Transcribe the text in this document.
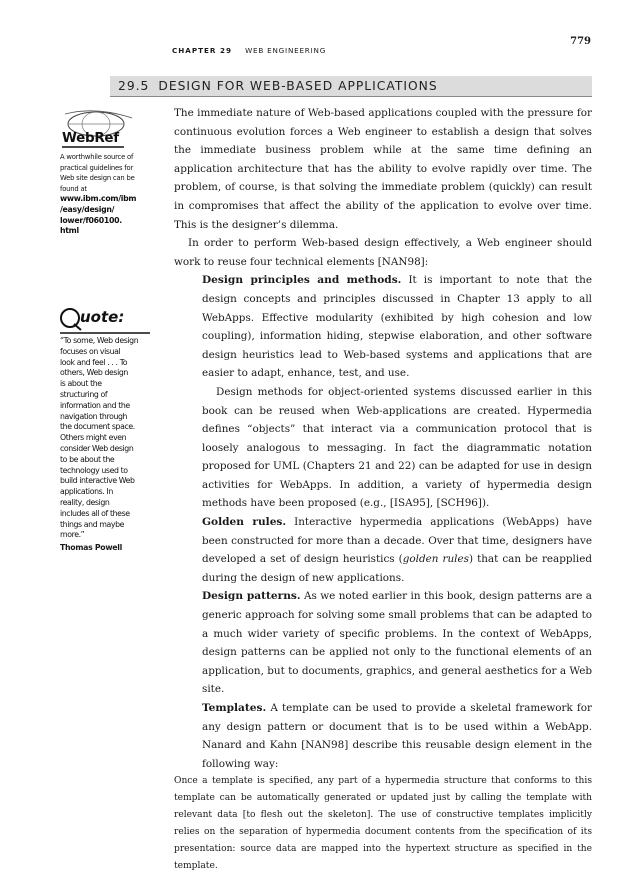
CHAPTER 29 WEB ENGINEERING
779
29.5 DESIGN FOR WEB-BASED APPLICATIONS
WebRef
A worthwhile source of
practical guidelines for
Web site design can be
found at
www.ibm.com/ibm
/easy/design/
lower/f060100.
html
uote:
“To some, Web design
focuses on visual
look and feel . . . To
others, Web design
is about the
structuring of
information and the
navigation through
the document space.
Others might even
consider Web design
to be about the
technology used to
build interactive Web
applications. In
reality, design
includes all of these
things and maybe
more.”
Thomas Powell

The immediate nature of Web-based applications coupled with the pressure for continuous evolution forces a Web engineer to establish a design that solves the immediate business problem while at the same time defining an application architecture that has the ability to evolve rapidly over time. The problem, of course, is that solving the immediate problem (quickly) can result in compromises that affect the ability of the application to evolve over time. This is the designer’s dilemma.

In order to perform Web-based design effectively, a Web engineer should work to reuse four technical elements [NAN98]:

Design principles and methods. It is important to note that the design concepts and principles discussed in Chapter 13 apply to all WebApps. Effective modularity (exhibited by high cohesion and low coupling), information hiding, stepwise elaboration, and other software design heuristics lead to Web-based systems and applications that are easier to adapt, enhance, test, and use.

Design methods for object-oriented systems discussed earlier in this book can be reused when Web-applications are created. Hypermedia defines “objects” that interact via a communication protocol that is loosely analogous to messaging. In fact the diagrammatic notation proposed for UML (Chapters 21 and 22) can be adapted for use in design activities for WebApps. In addition, a variety of hypermedia design methods have been proposed (e.g., [ISA95], [SCH96]).

Golden rules. Interactive hypermedia applications (WebApps) have been constructed for more than a decade. Over that time, designers have developed a set of design heuristics (golden rules) that can be reapplied during the design of new applications.

Design patterns. As we noted earlier in this book, design patterns are a generic approach for solving some small problems that can be adapted to a much wider variety of specific problems. In the context of WebApps, design patterns can be applied not only to the functional elements of an application, but to documents, graphics, and general aesthetics for a Web site.

Templates. A template can be used to provide a skeletal framework for any design pattern or document that is to be used within a WebApp. Nanard and Kahn [NAN98] describe this reusable design element in the following way:

Once a template is specified, any part of a hypermedia structure that conforms to this template can be automatically generated or updated just by calling the template with relevant data [to flesh out the skeleton]. The use of constructive templates implicitly relies on the separation of hypermedia document contents from the specification of its presentation: source data are mapped into the hypertext structure as specified in the template.
